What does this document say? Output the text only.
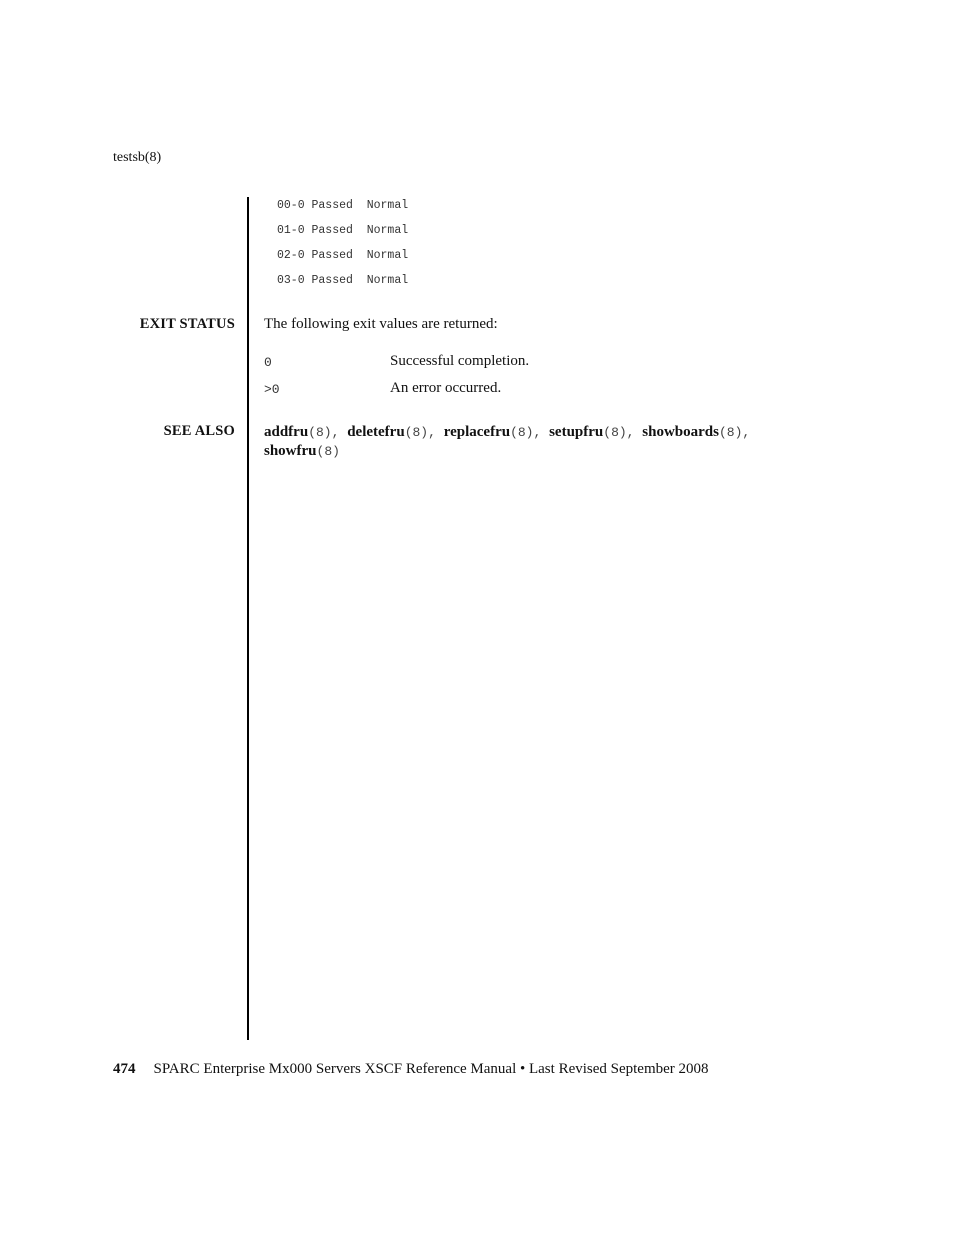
testsb(8)
00-0 Passed  Normal
01-0 Passed  Normal
02-0 Passed  Normal
03-0 Passed  Normal
EXIT STATUS The following exit values are returned:
0	Successful completion.
>0	An error occurred.
SEE ALSO addfru(8), deletefru(8), replacefru(8), setupfru(8), showboards(8),
showfru(8)
474 SPARC Enterprise Mx000 Servers XSCF Reference Manual • Last Revised September 2008
